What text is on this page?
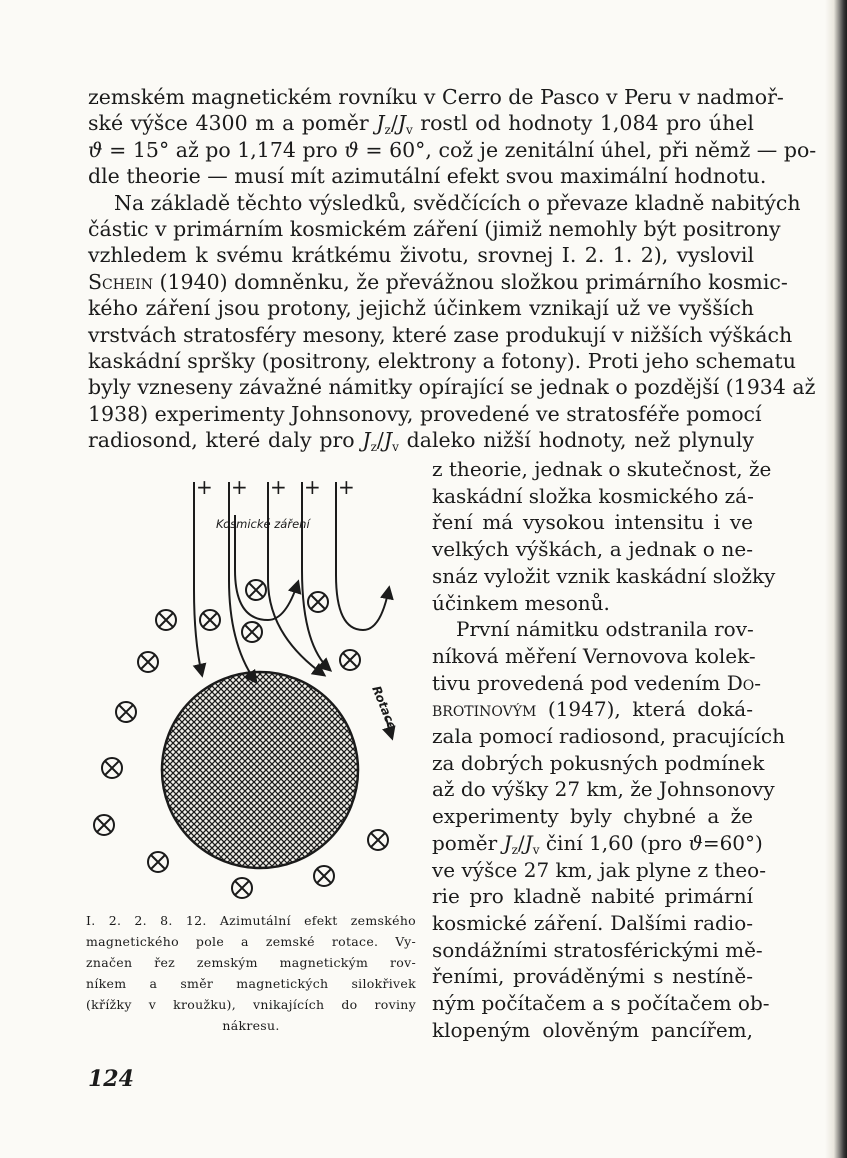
zemském magnetickém rovníku v Cerro de Pasco v Peru v nadmoř-
ské výšce 4300 m a poměr $J_z/J_v$ rostl od hodnoty 1,084 pro úhel
ϑ = 15° až po 1,174 pro ϑ = 60°, což je zenitální úhel, při němž — po-
dle theorie — musí mít azimutální efekt svou maximální hodnotu.
Na základě těchto výsledků, svědčících o převaze kladně nabitých
částic v primárním kosmickém záření (jimiž nemohly být positrony
vzhledem k svému krátkému životu, srovnej I. 2. 1. 2), vyslovil
Schein (1940) domněnku, že převážnou složkou primárního kosmic-
kého záření jsou protony, jejichž účinkem vznikají už ve vyšších
vrstvách stratosféry mesony, které zase produkují v nižších výškách
kaskádní spršky (positrony, elektrony a fotony). Proti jeho schematu
byly vzneseny závažné námitky opírající se jednak o pozdější (1934 až
1938) experimenty Johnsonovy, provedené ve stratosféře pomocí
radiosond, které daly pro $J_z/J_v$ daleko nižší hodnoty, než plynuly
z theorie, jednak o skutečnost, že
kaskádní složka kosmického zá-
ření má vysokou intensitu i ve
velkých výškách, a jednak o ne-
snáz vyložit vznik kaskádní složky
účinkem mesonů.
První námitku odstranila rov-
níková měření Vernovova kolek-
tivu provedená pod vedením Do-
brotinovým (1947), která doká-
zala pomocí radiosond, pracujících
za dobrých pokusných podmínek
až do výšky 27 km, že Johnsonovy
experimenty byly chybné a že
poměr $J_z/J_v$ činí 1,60 (pro ϑ=60°)
ve výšce 27 km, jak plyne z theo-
rie pro kladně nabité primární
kosmické záření. Dalšími radio-
sondážními stratosférickými mě-
řeními, prováděnými s nestíně-
ným počítačem a s počítačem ob-
klopeným olověným pancířem,
+ + + + +
Kosmické záření
Rotace
I. 2. 2. 8. 12. Azimutální efekt zemského
magnetického pole a zemské rotace. Vy-
značen řez zemským magnetickým rov-
níkem a směr magnetických silokřivek
(křížky v kroužku), vnikajících do roviny
nákresu.
124
